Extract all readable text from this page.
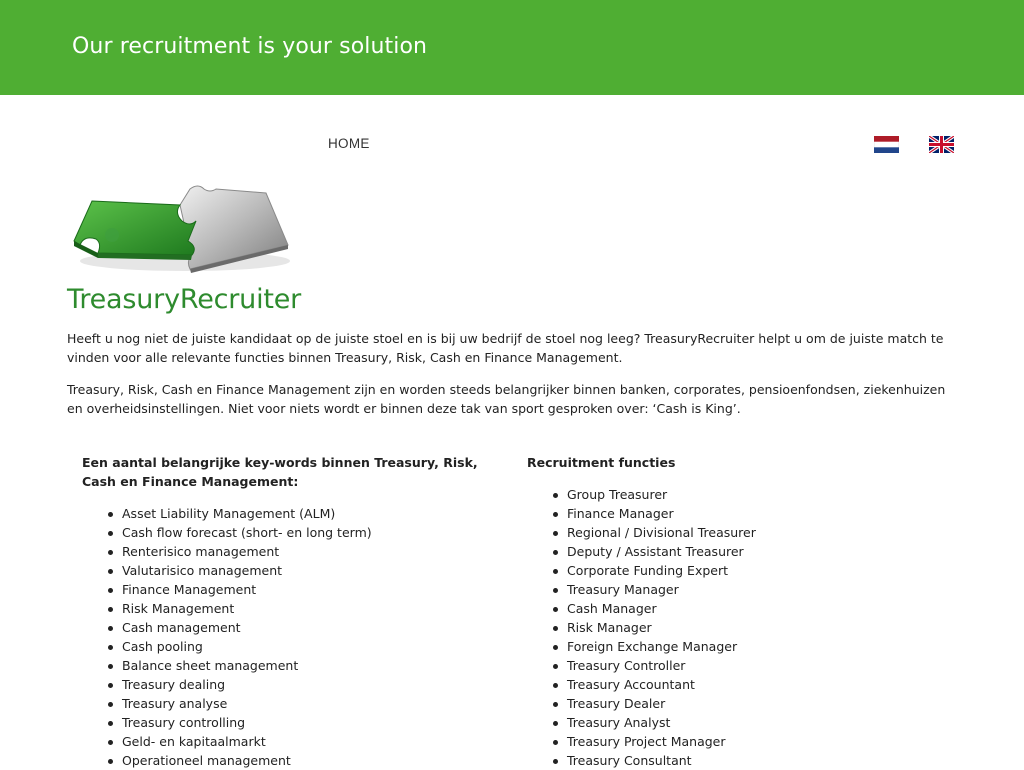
Our recruitment is your solution
HOME
TreasuryRecruiter

Heeft u nog niet de juiste kandidaat op de juiste stoel en is bij uw bedrijf de stoel nog leeg? TreasuryRecruiter helpt u om de juiste match te vinden voor alle relevante functies binnen Treasury, Risk, Cash en Finance Management.

Treasury, Risk, Cash en Finance Management zijn en worden steeds belangrijker binnen banken, corporates, pensioenfondsen, ziekenhuizen en overheidsinstellingen. Niet voor niets wordt er binnen deze tak van sport gesproken over: ‘Cash is King’.

Een aantal belangrijke key-words binnen Treasury, Risk, Cash en Finance Management:
Asset Liability Management (ALM)
Cash flow forecast (short- en long term)
Renterisico management
Valutarisico management
Finance Management
Risk Management
Cash management
Cash pooling
Balance sheet management
Treasury dealing
Treasury analyse
Treasury controlling
Geld- en kapitaalmarkt
Operationeel management
Recruitment functies
Group Treasurer
Finance Manager
Regional / Divisional Treasurer
Deputy / Assistant Treasurer
Corporate Funding Expert
Treasury Manager
Cash Manager
Risk Manager
Foreign Exchange Manager
Treasury Controller
Treasury Accountant
Treasury Dealer
Treasury Analyst
Treasury Project Manager
Treasury Consultant
